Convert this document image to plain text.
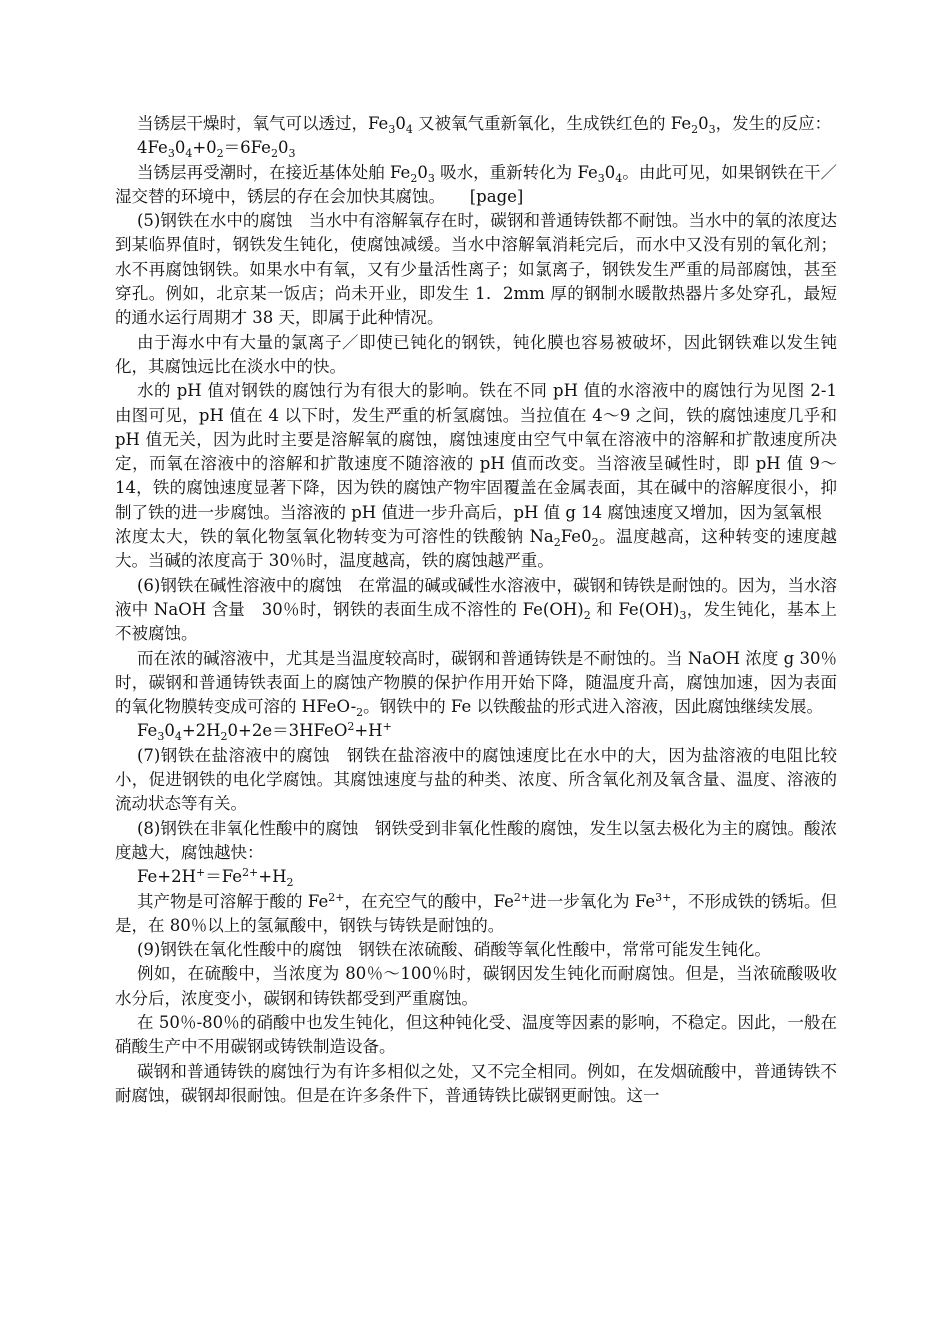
当锈层干燥时，氧气可以透过，$Fe_30_4$ 又被氧气重新氧化，生成铁红色的 $Fe_20_3$，发生的反应：

$4Fe_30_4+0_2=6Fe_20_3$

当锈层再受潮时，在接近基体处舶 $Fe_20_3$ 吸水，重新转化为 $Fe_30_4$。由此可见，如果钢铁在干／湿交替的环境中，锈层的存在会加快其腐蚀。　　[page]

(5)钢铁在水中的腐蚀　当水中有溶解氧存在时，碳钢和普通铸铁都不耐蚀。当水中的氧的浓度达到某临界值时，钢铁发生钝化，使腐蚀减缓。当水中溶解氧消耗完后，而水中又没有别的氧化剂；水不再腐蚀钢铁。如果水中有氧，又有少量活性离子；如氯离子，钢铁发生严重的局部腐蚀，甚至穿孔。例如，北京某一饭店；尚未开业，即发生 1．2mm 厚的钢制水暖散热器片多处穿孔，最短的通水运行周期才 38 天，即属于此种情况。

由于海水中有大量的氯离子／即使已钝化的钢铁，钝化膜也容易被破坏，因此钢铁难以发生钝化，其腐蚀远比在淡水中的快。

水的 pH 值对钢铁的腐蚀行为有很大的影响。铁在不同 pH 值的水溶液中的腐蚀行为见图 2-1 由图可见，pH 值在 4 以下时，发生严重的析氢腐蚀。当拉值在 4～9 之间，铁的腐蚀速度几乎和 pH 值无关，因为此时主要是溶解氧的腐蚀，腐蚀速度由空气中氧在溶液中的溶解和扩散速度所决定，而氧在溶液中的溶解和扩散速度不随溶液的 pH 值而改变。当溶液呈碱性时，即 pH 值 9～14，铁的腐蚀速度显著下降，因为铁的腐蚀产物牢固覆盖在金属表面，其在碱中的溶解度很小，抑制了铁的进一步腐蚀。当溶液的 pH 值进一步升高后，pH 值 g 14 腐蚀速度又增加，因为氢氧根

浓度太大，铁的氧化物氢氧化物转变为可溶性的铁酸钠 $Na_2Fe0_2$。温度越高，这种转变的速度越大。当碱的浓度高于 30％时，温度越高，铁的腐蚀越严重。

(6)钢铁在碱性溶液中的腐蚀　在常温的碱或碱性水溶液中，碳钢和铸铁是耐蚀的。因为，当水溶液中 NaOH 含量　30％时，钢铁的表面生成不溶性的 $Fe(OH)_2$ 和 $Fe(OH)_3$，发生钝化，基本上不被腐蚀。

而在浓的碱溶液中，尤其是当温度较高时，碳钢和普通铸铁是不耐蚀的。当 NaOH 浓度 g 30％时，碳钢和普通铸铁表面上的腐蚀产物膜的保护作用开始下降，随温度升高，腐蚀加速，因为表面的氧化物膜转变成可溶的 HFeO-$_2$。钢铁中的 Fe 以铁酸盐的形式进入溶液，因此腐蚀继续发展。

$Fe_30_4+2H_20+2e=3HFeO^2+H^+$

(7)钢铁在盐溶液中的腐蚀　钢铁在盐溶液中的腐蚀速度比在水中的大，因为盐溶液的电阻比较小，促进钢铁的电化学腐蚀。其腐蚀速度与盐的种类、浓度、所含氧化剂及氧含量、温度、溶液的流动状态等有关。

(8)钢铁在非氧化性酸中的腐蚀　钢铁受到非氧化性酸的腐蚀，发生以氢去极化为主的腐蚀。酸浓度越大，腐蚀越快：

$Fe+2H^+=Fe^{2+}+H_2$

其产物是可溶解于酸的 $Fe^{2+}$，在充空气的酸中，$Fe^{2+}$进一步氧化为 $Fe^{3+}$，不形成铁的锈垢。但是，在 80％以上的氢氟酸中，钢铁与铸铁是耐蚀的。

(9)钢铁在氧化性酸中的腐蚀　钢铁在浓硫酸、硝酸等氧化性酸中，常常可能发生钝化。

例如，在硫酸中，当浓度为 80％～100％时，碳钢因发生钝化而耐腐蚀。但是，当浓硫酸吸收水分后，浓度变小，碳钢和铸铁都受到严重腐蚀。

在 50％-80％的硝酸中也发生钝化，但这种钝化受、温度等因素的影响，不稳定。因此，一般在硝酸生产中不用碳钢或铸铁制造设备。

碳钢和普通铸铁的腐蚀行为有许多相似之处，又不完全相同。例如，在发烟硫酸中，普通铸铁不耐腐蚀，碳钢却很耐蚀。但是在许多条件下，普通铸铁比碳钢更耐蚀。这一
